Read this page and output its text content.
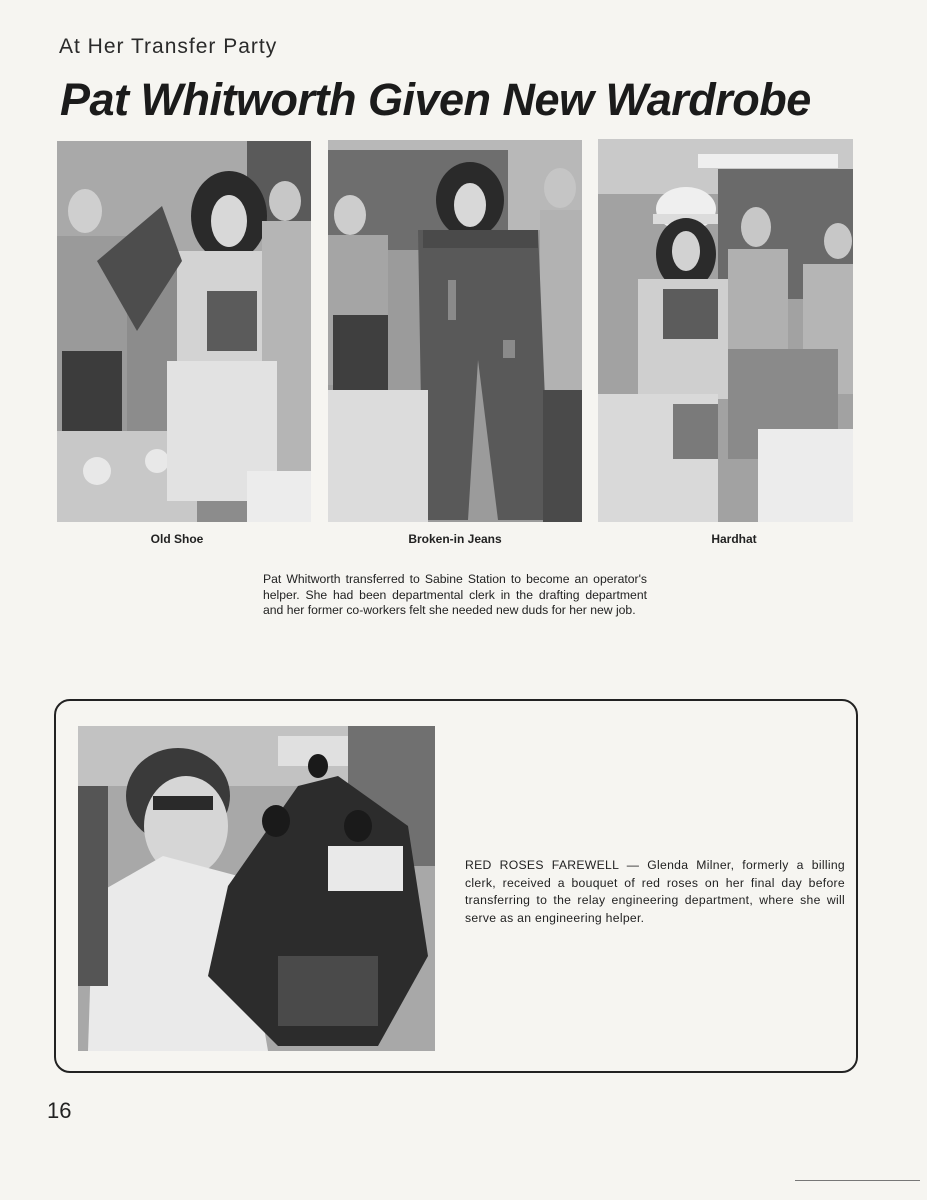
At Her Transfer Party
Pat Whitworth Given New Wardrobe
Old Shoe	Broken-in Jeans	Hardhat

Pat Whitworth transferred to Sabine Station to become an operator's helper. She had been departmental clerk in the drafting department and her former co-workers felt she needed new duds for her new job.

RED ROSES FAREWELL — Glenda Milner, formerly a billing clerk, received a bouquet of red roses on her final day before transferring to the relay engineering department, where she will serve as an engineering helper.

16
